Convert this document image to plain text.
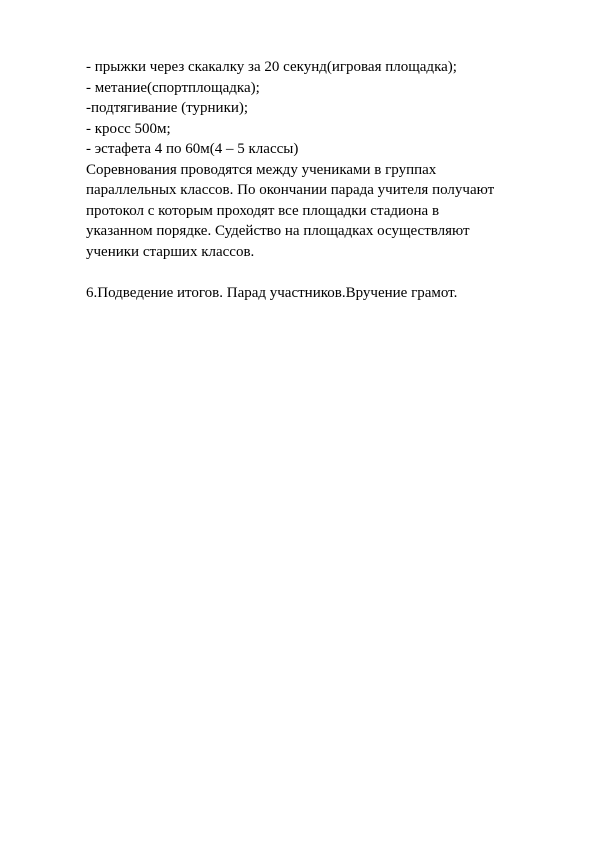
- прыжки через скакалку за 20 секунд(игровая площадка);
- метание(спортплощадка);
-подтягивание (турники);
- кросс 500м;
- эстафета 4 по 60м(4 – 5 классы)
Соревнования проводятся между учениками в группах
параллельных классов. По окончании парада учителя получают
протокол с которым проходят все площадки стадиона в
указанном порядке. Судейство на площадках осуществляют
ученики старших классов.
6.Подведение итогов. Парад участников.Вручение грамот.
